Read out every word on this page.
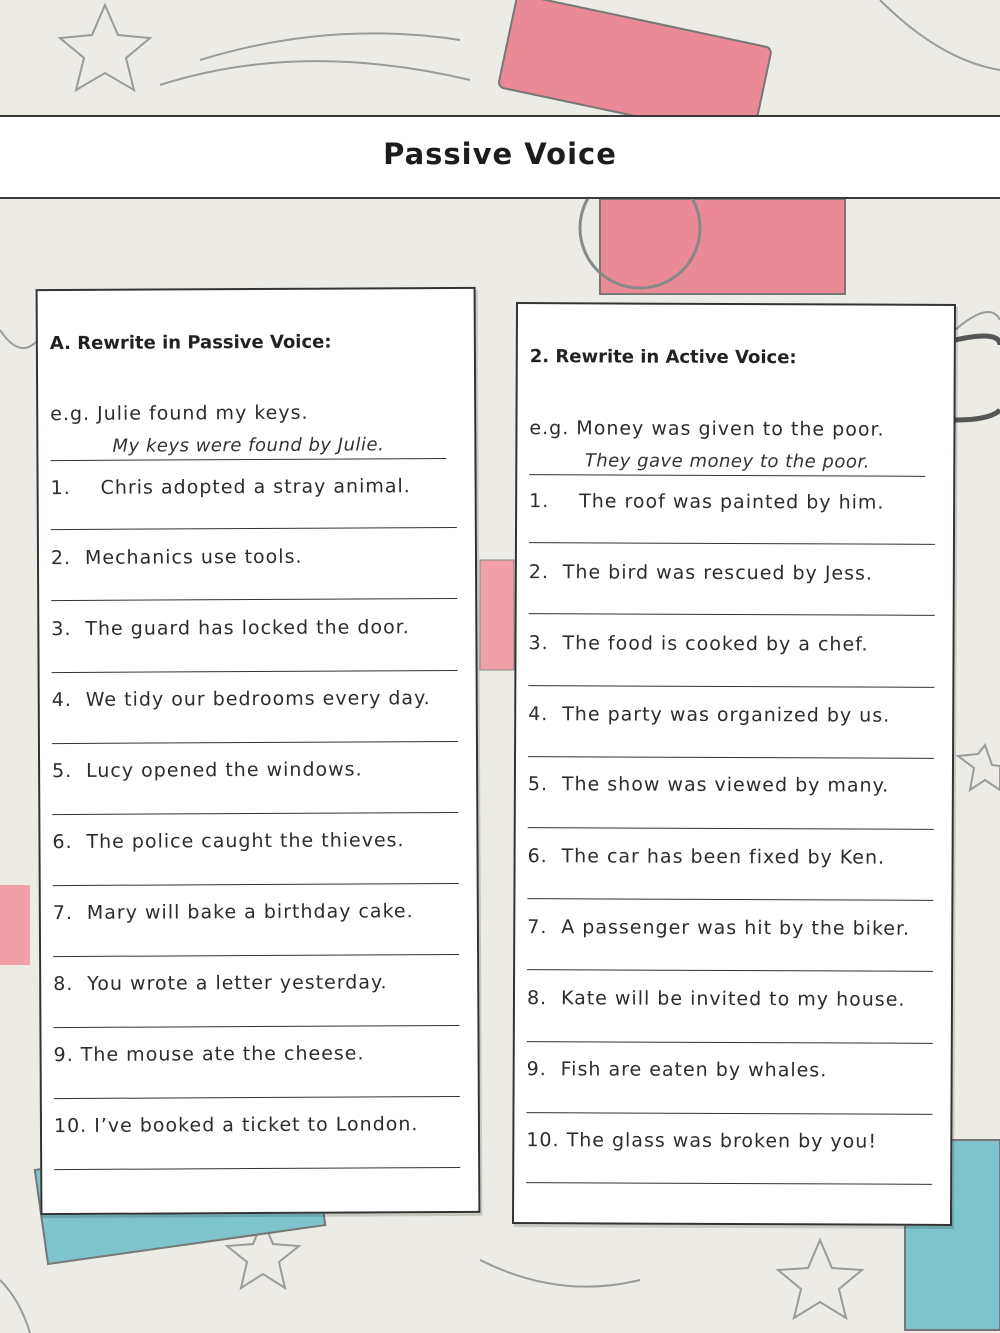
Passive Voice
A. Rewrite in Passive Voice:
e.g. Julie found my keys.
My keys were found by Julie.
1. Chris adopted a stray animal.
2. Mechanics use tools.
3. The guard has locked the door.
4. We tidy our bedrooms every day.
5. Lucy opened the windows.
6. The police caught the thieves.
7. Mary will bake a birthday cake.
8. You wrote a letter yesterday.
9. The mouse ate the cheese.
10. I’ve booked a ticket to London.
2. Rewrite in Active Voice:
e.g. Money was given to the poor.
They gave money to the poor.
1. The roof was painted by him.
2. The bird was rescued by Jess.
3. The food is cooked by a chef.
4. The party was organized by us.
5. The show was viewed by many.
6. The car has been fixed by Ken.
7. A passenger was hit by the biker.
8. Kate will be invited to my house.
9. Fish are eaten by whales.
10. The glass was broken by you!
